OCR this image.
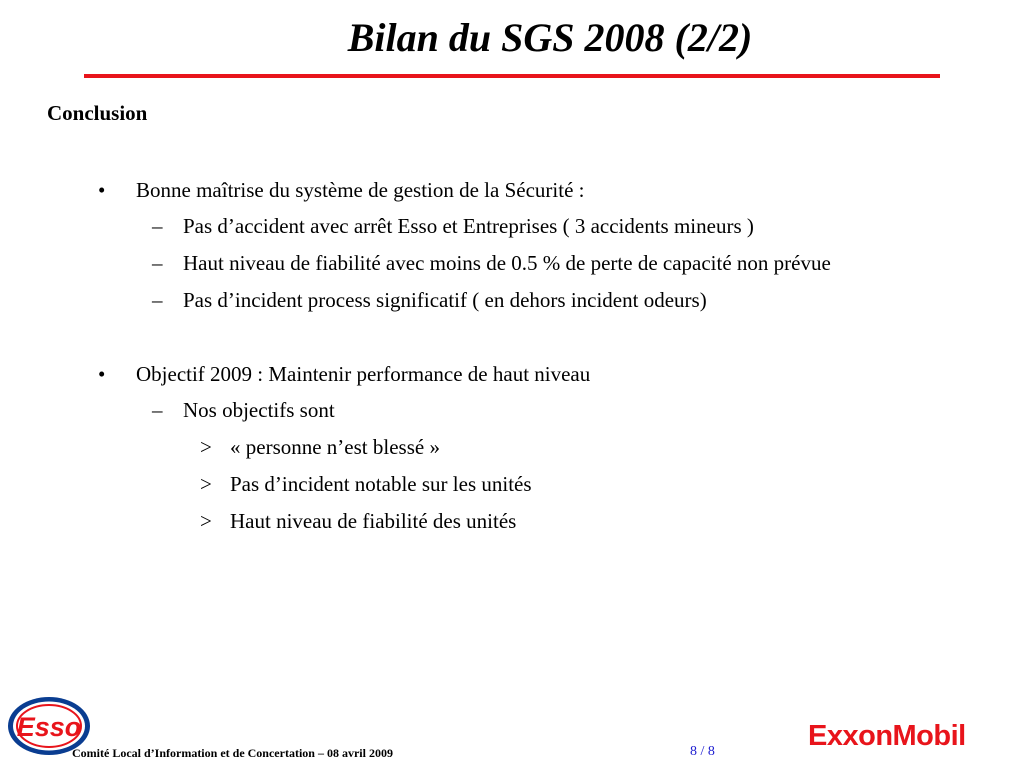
Bilan du SGS 2008 (2/2)
Conclusion
• Bonne maîtrise du système de gestion de la Sécurité :
– Pas d’accident avec arrêt Esso et Entreprises ( 3 accidents mineurs )
– Haut niveau de fiabilité avec moins de 0.5 % de perte de capacité non prévue
– Pas d’incident process significatif ( en dehors incident odeurs)
• Objectif 2009 : Maintenir performance de haut niveau
– Nos objectifs sont
> « personne n’est blessé »
> Pas d’incident notable sur les unités
> Haut niveau de fiabilité des unités
Esso	ExxonMobil
Comité Local d’Information et de Concertation – 08 avril 2009	8 / 8
